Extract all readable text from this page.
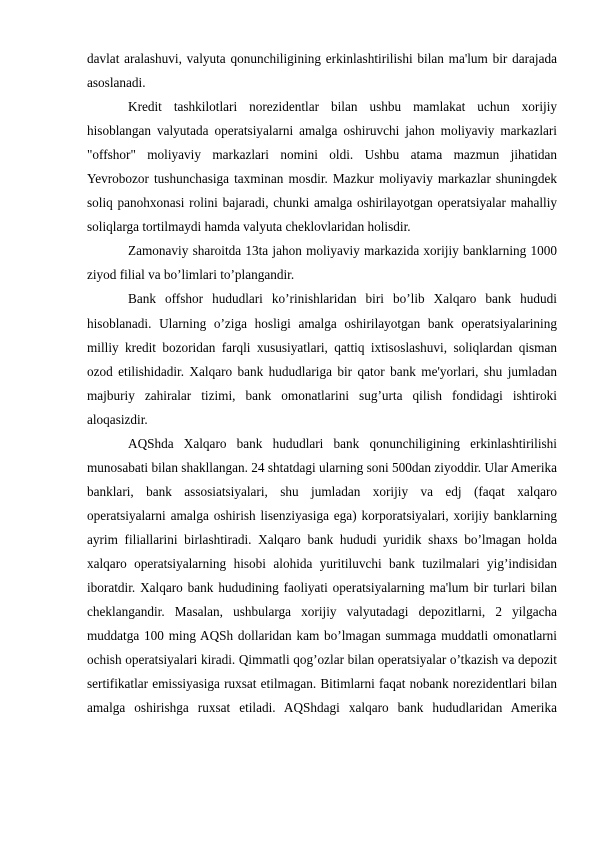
davlat aralashuvi, valyuta qonunchiligining erkinlashtirilishi bilan ma'lum bir darajada asoslanadi.

Kredit tashkilotlari norezidentlar bilan ushbu mamlakat uchun xorijiy hisoblangan valyutada operatsiyalarni amalga oshiruvchi jahon moliyaviy markazlari "offshor" moliyaviy markazlari nomini oldi. Ushbu atama mazmun jihatidan Yevrobozor tushunchasiga taxminan mosdir. Mazkur moliyaviy markazlar shuningdek soliq panohxonasi rolini bajaradi, chunki amalga oshirilayotgan operatsiyalar mahalliy soliqlarga tortilmaydi hamda valyuta cheklovlaridan holisdir.

Zamonaviy sharoitda 13ta jahon moliyaviy markazida xorijiy banklarning 1000 ziyod filial va bo’limlari to’plangandir.

Bank offshor hududlari ko’rinishlaridan biri bo’lib Xalqaro bank hududi hisoblanadi. Ularning o’ziga hosligi amalga oshirilayotgan bank operatsiyalarining milliy kredit bozoridan farqli xususiyatlari, qattiq ixtisoslashuvi, soliqlardan qisman ozod etilishidadir. Xalqaro bank hududlariga bir qator bank me'yorlari, shu jumladan majburiy zahiralar tizimi, bank omonatlarini sug’urta qilish fondidagi ishtiroki aloqasizdir.

AQShda Xalqaro bank hududlari bank qonunchiligining erkinlashtirilishi munosabati bilan shakllangan. 24 shtatdagi ularning soni 500dan ziyoddir. Ular Amerika banklari, bank assosiatsiyalari, shu jumladan xorijiy va edj (faqat xalqaro operatsiyalarni amalga oshirish lisenziyasiga ega) korporatsiyalari, xorijiy banklarning ayrim filiallarini birlashtiradi. Xalqaro bank hududi yuridik shaxs bo’lmagan holda xalqaro operatsiyalarning hisobi alohida yuritiluvchi bank tuzilmalari yig’indisidan iboratdir. Xalqaro bank hududining faoliyati operatsiyalarning ma'lum bir turlari bilan cheklangandir. Masalan, ushbularga xorijiy valyutadagi depozitlarni, 2 yilgacha muddatga 100 ming AQSh dollaridan kam bo’lmagan summaga muddatli omonatlarni ochish operatsiyalari kiradi. Qimmatli qog’ozlar bilan operatsiyalar o’tkazish va depozit sertifikatlar emissiyasiga ruxsat etilmagan. Bitimlarni faqat nobank norezidentlari bilan amalga oshirishga ruxsat etiladi. AQShdagi xalqaro bank hududlaridan Amerika
